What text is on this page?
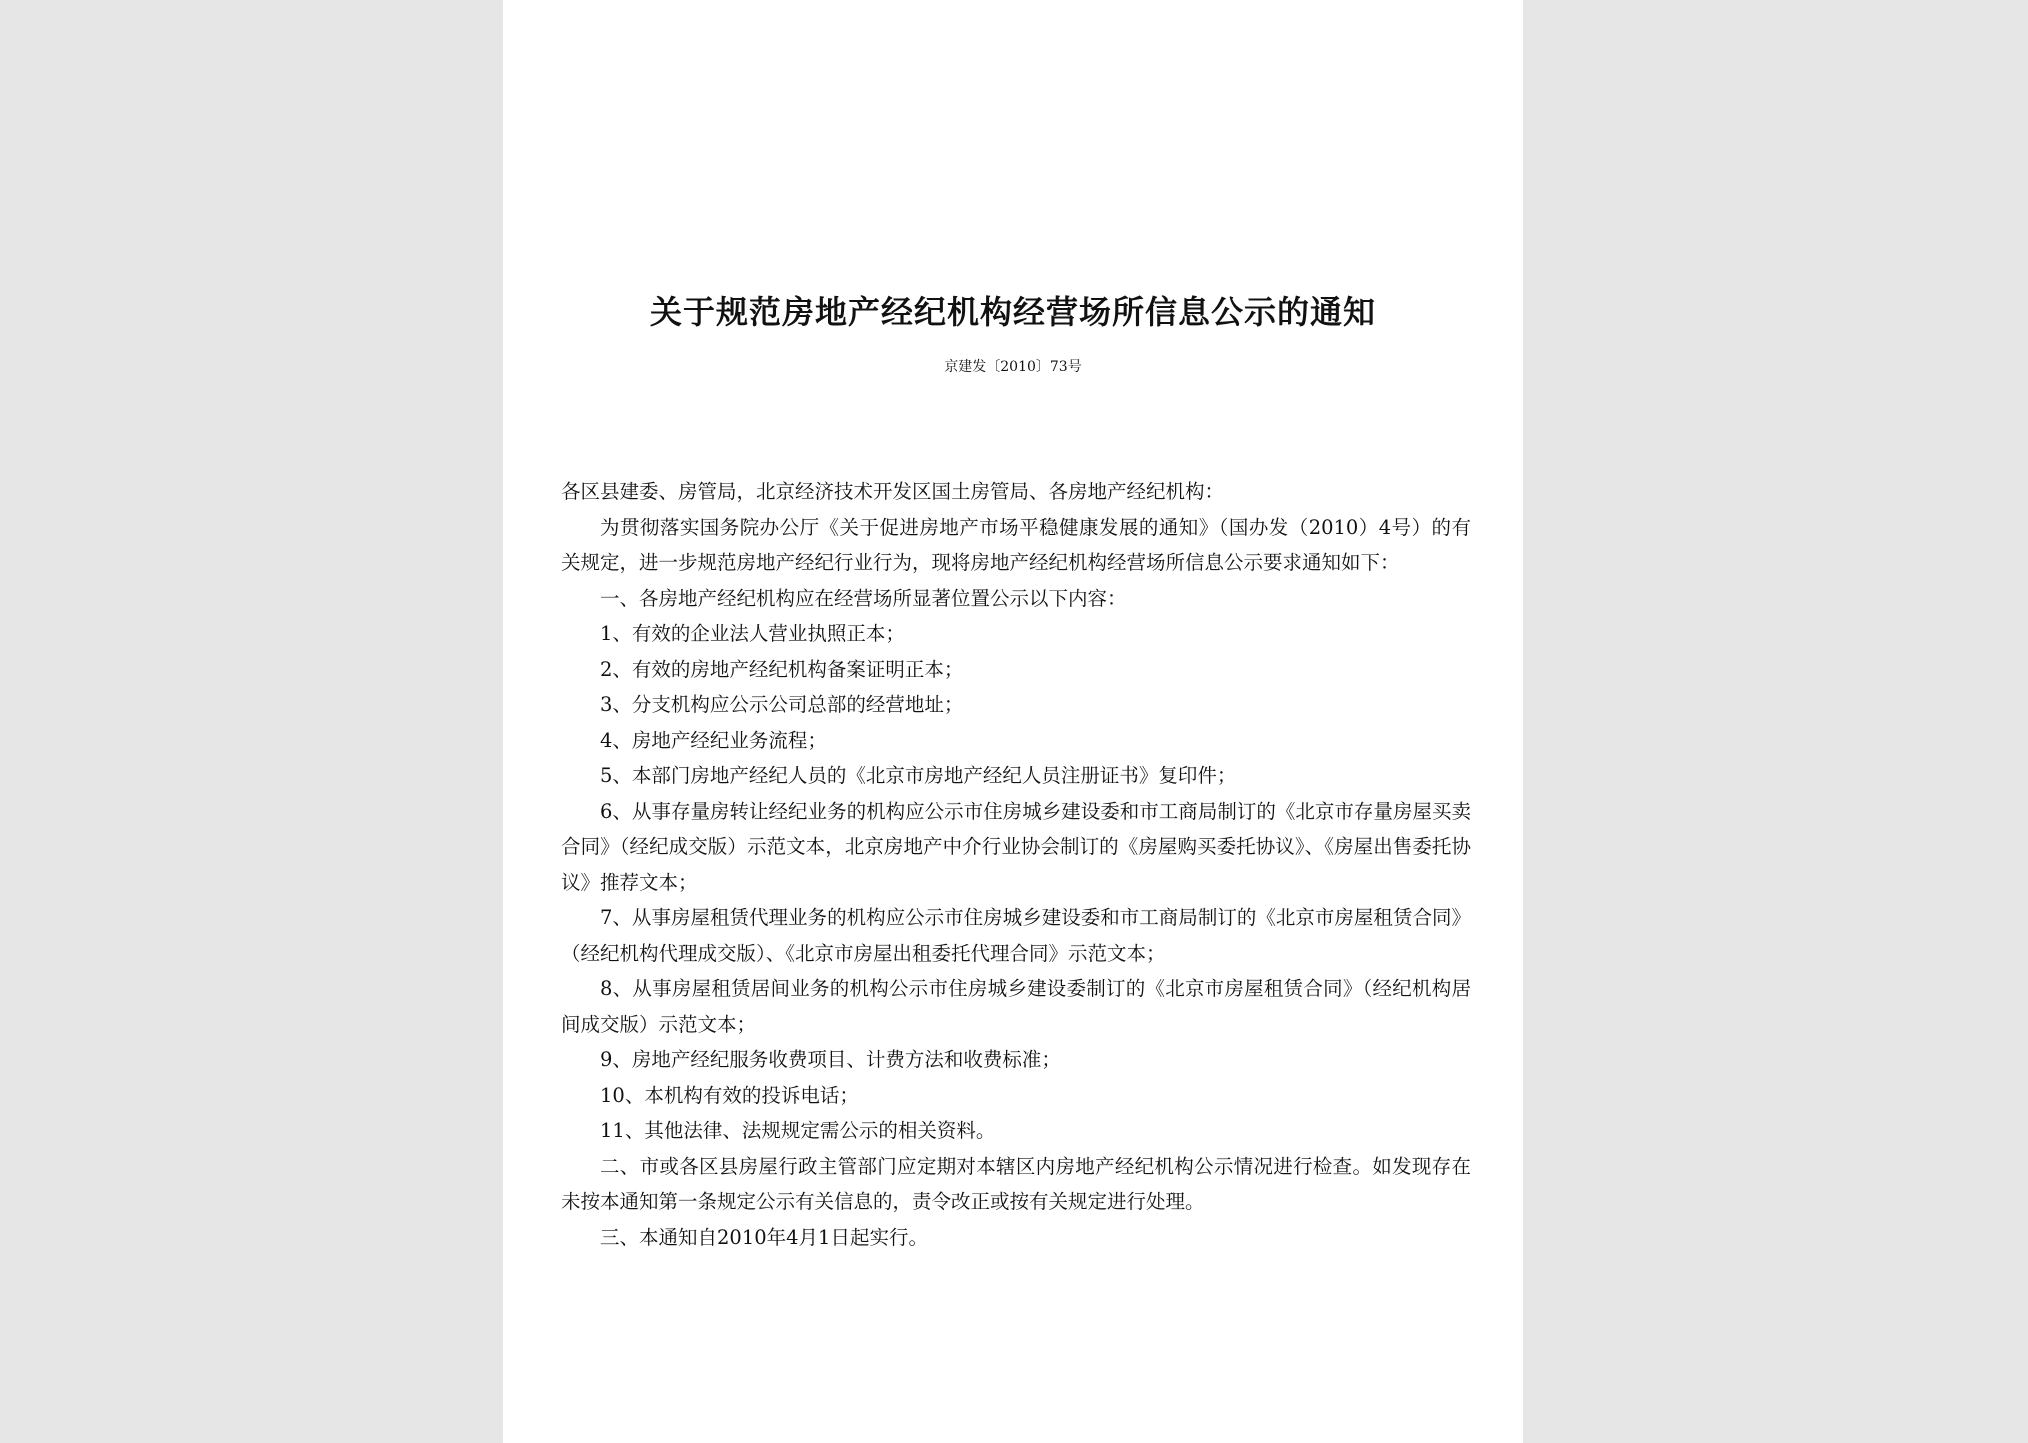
关于规范房地产经纪机构经营场所信息公示的通知
京建发〔2010〕73号

各区县建委、房管局，北京经济技术开发区国土房管局、各房地产经纪机构：

为贯彻落实国务院办公厅《关于促进房地产市场平稳健康发展的通知》（国办发（2010）4号）的有关规定，进一步规范房地产经纪行业行为，现将房地产经纪机构经营场所信息公示要求通知如下：

一、各房地产经纪机构应在经营场所显著位置公示以下内容：

1、有效的企业法人营业执照正本；

2、有效的房地产经纪机构备案证明正本；

3、分支机构应公示公司总部的经营地址；

4、房地产经纪业务流程；

5、本部门房地产经纪人员的《北京市房地产经纪人员注册证书》复印件；

6、从事存量房转让经纪业务的机构应公示市住房城乡建设委和市工商局制订的《北京市存量房屋买卖合同》（经纪成交版）示范文本，北京房地产中介行业协会制订的《房屋购买委托协议》、《房屋出售委托协议》推荐文本；

7、从事房屋租赁代理业务的机构应公示市住房城乡建设委和市工商局制订的《北京市房屋租赁合同》（经纪机构代理成交版）、《北京市房屋出租委托代理合同》示范文本；

8、从事房屋租赁居间业务的机构公示市住房城乡建设委制订的《北京市房屋租赁合同》（经纪机构居间成交版）示范文本；

9、房地产经纪服务收费项目、计费方法和收费标准；

10、本机构有效的投诉电话；

11、其他法律、法规规定需公示的相关资料。

二、市或各区县房屋行政主管部门应定期对本辖区内房地产经纪机构公示情况进行检查。如发现存在未按本通知第一条规定公示有关信息的，责令改正或按有关规定进行处理。

三、本通知自2010年4月1日起实行。
